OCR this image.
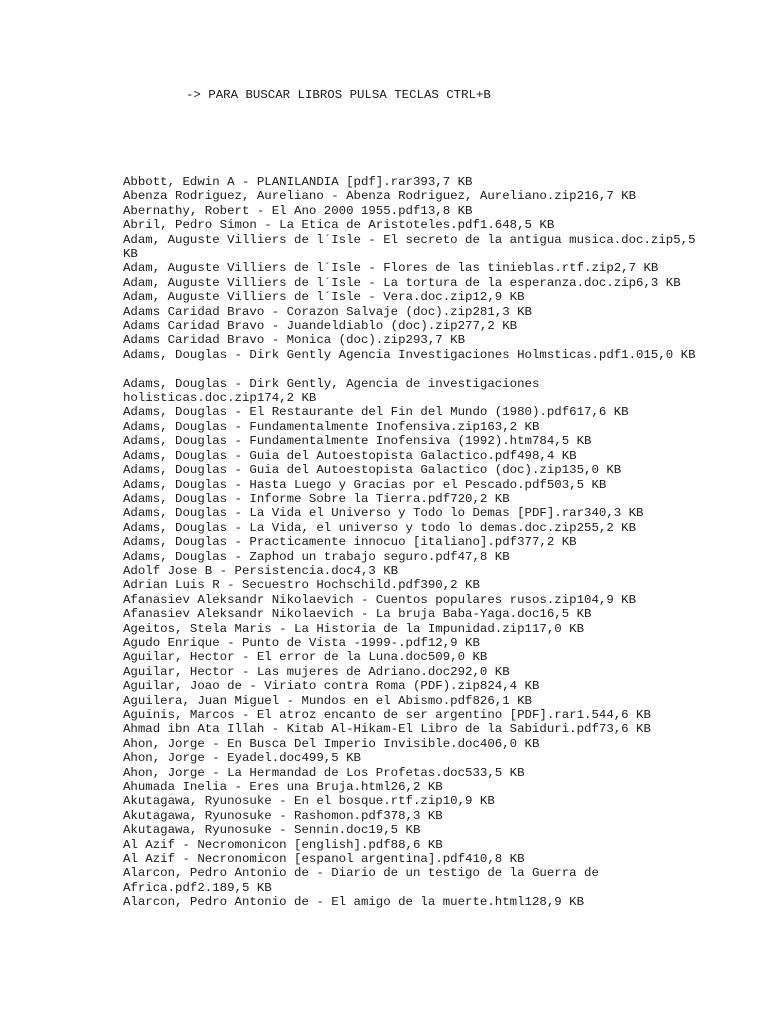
-> PARA BUSCAR LIBROS PULSA TECLAS CTRL+B
Abbott, Edwin A - PLANILANDIA [pdf].rar393,7 KB
Abenza Rodriguez, Aureliano - Abenza Rodriguez, Aureliano.zip216,7 KB
Abernathy, Robert - El Ano 2000 1955.pdf13,8 KB
Abril, Pedro Simon - La Etica de Aristoteles.pdf1.648,5 KB
Adam, Auguste Villiers de l´Isle - El secreto de la antigua musica.doc.zip5,5 KB
Adam, Auguste Villiers de l´Isle - Flores de las tinieblas.rtf.zip2,7 KB
Adam, Auguste Villiers de l´Isle - La tortura de la esperanza.doc.zip6,3 KB
Adam, Auguste Villiers de l´Isle - Vera.doc.zip12,9 KB
Adams Caridad Bravo - Corazon Salvaje (doc).zip281,3 KB
Adams Caridad Bravo - Juandeldiablo (doc).zip277,2 KB
Adams Caridad Bravo - Monica (doc).zip293,7 KB
Adams, Douglas - Dirk Gently Agencia Investigaciones Holmsticas.pdf1.015,0 KB
Adams, Douglas - Dirk Gently, Agencia de investigaciones holisticas.doc.zip174,2 KB
Adams, Douglas - El Restaurante del Fin del Mundo (1980).pdf617,6 KB
Adams, Douglas - Fundamentalmente Inofensiva.zip163,2 KB
Adams, Douglas - Fundamentalmente Inofensiva (1992).htm784,5 KB
Adams, Douglas - Guia del Autoestopista Galactico.pdf498,4 KB
Adams, Douglas - Guia del Autoestopista Galactico (doc).zip135,0 KB
Adams, Douglas - Hasta Luego y Gracias por el Pescado.pdf503,5 KB
Adams, Douglas - Informe Sobre la Tierra.pdf720,2 KB
Adams, Douglas - La Vida el Universo y Todo lo Demas [PDF].rar340,3 KB
Adams, Douglas - La Vida, el universo y todo lo demas.doc.zip255,2 KB
Adams, Douglas - Practicamente innocuo [italiano].pdf377,2 KB
Adams, Douglas - Zaphod un trabajo seguro.pdf47,8 KB
Adolf Jose B - Persistencia.doc4,3 KB
Adrian Luis R - Secuestro Hochschild.pdf390,2 KB
Afanasiev Aleksandr Nikolaevich - Cuentos populares rusos.zip104,9 KB
Afanasiev Aleksandr Nikolaevich - La bruja Baba-Yaga.doc16,5 KB
Ageitos, Stela Maris - La Historia de la Impunidad.zip117,0 KB
Agudo Enrique - Punto de Vista -1999-.pdf12,9 KB
Aguilar, Hector - El error de la Luna.doc509,0 KB
Aguilar, Hector - Las mujeres de Adriano.doc292,0 KB
Aguilar, Joao de - Viriato contra Roma (PDF).zip824,4 KB
Aguilera, Juan Miguel - Mundos en el Abismo.pdf826,1 KB
Aguinis, Marcos - El atroz encanto de ser argentino [PDF].rar1.544,6 KB
Ahmad ibn Ata Illah - Kitab Al-Hikam-El Libro de la Sabiduri.pdf73,6 KB
Ahon, Jorge - En Busca Del Imperio Invisible.doc406,0 KB
Ahon, Jorge - Eyadel.doc499,5 KB
Ahon, Jorge - La Hermandad de Los Profetas.doc533,5 KB
Ahumada Inelia - Eres una Bruja.html26,2 KB
Akutagawa, Ryunosuke - En el bosque.rtf.zip10,9 KB
Akutagawa, Ryunosuke - Rashomon.pdf378,3 KB
Akutagawa, Ryunosuke - Sennin.doc19,5 KB
Al Azif - Necromonicon [english].pdf88,6 KB
Al Azif - Necronomicon [espanol argentina].pdf410,8 KB
Alarcon, Pedro Antonio de - Diario de un testigo de la Guerra de Africa.pdf2.189,5 KB
Alarcon, Pedro Antonio de - El amigo de la muerte.html128,9 KB
